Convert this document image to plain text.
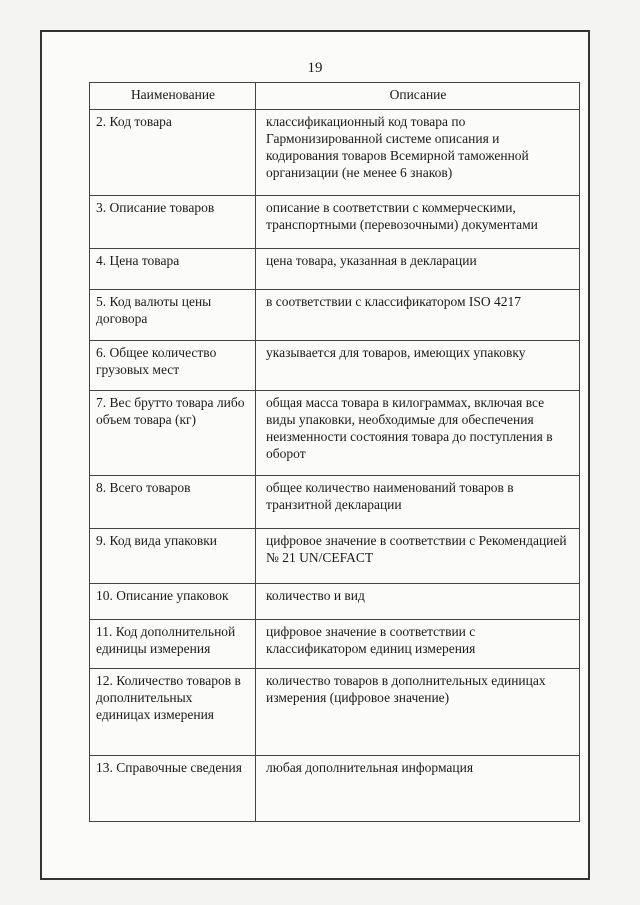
19
Наименование	Описание
2. Код товара	классификационный код товара по Гармонизированной системе описания и кодирования товаров Всемирной таможенной организации (не менее 6 знаков)
3. Описание товаров	описание в соответствии с коммерческими, транспортными (перевозочными) документами
4. Цена товара	цена товара, указанная в декларации
5. Код валюты цены договора	в соответствии с классификатором ISO 4217
6. Общее количество грузовых мест	указывается для товаров, имеющих упаковку
7. Вес брутто товара либо объем товара (кг)	общая масса товара в килограммах, включая все виды упаковки, необходимые для обеспечения неизменности состояния товара до поступления в оборот
8. Всего товаров	общее количество наименований товаров в транзитной декларации
9. Код вида упаковки	цифровое значение в соответствии с Рекомендацией № 21 UN/CEFACT
10. Описание упаковок	количество и вид
11. Код дополнительной единицы измерения	цифровое значение в соответствии с классификатором единиц измерения
12. Количество товаров в дополнительных единицах измерения	количество товаров в дополнительных единицах измерения (цифровое значение)
13. Справочные сведения	любая дополнительная информация
